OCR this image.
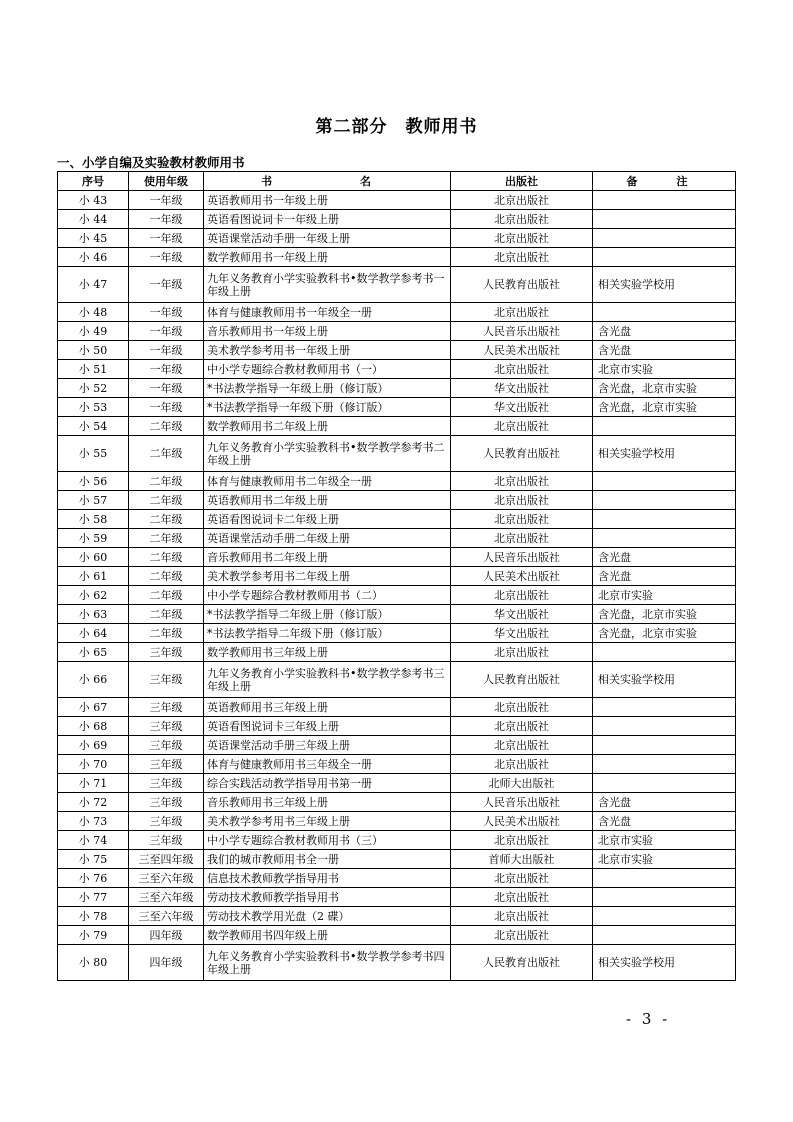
第二部分　教师用书
一、小学自编及实验教材教师用书
序号	使用年级	书　　名	出版社	备　注
小 43	一年级	英语教师用书一年级上册	北京出版社	
小 44	一年级	英语看图说词卡一年级上册	北京出版社	
小 45	一年级	英语课堂活动手册一年级上册	北京出版社	
小 46	一年级	数学教师用书一年级上册	北京出版社	
小 47	一年级	九年义务教育小学实验教科书•数学教学参考书一年级上册	人民教育出版社	相关实验学校用
小 48	一年级	体育与健康教师用书一年级全一册	北京出版社	
小 49	一年级	音乐教师用书一年级上册	人民音乐出版社	含光盘
小 50	一年级	美术教学参考用书一年级上册	人民美术出版社	含光盘
小 51	一年级	中小学专题综合教材教师用书（一）	北京出版社	北京市实验
小 52	一年级	*书法教学指导一年级上册（修订版）	华文出版社	含光盘，北京市实验
小 53	一年级	*书法教学指导一年级下册（修订版）	华文出版社	含光盘，北京市实验
小 54	二年级	数学教师用书二年级上册	北京出版社	
小 55	二年级	九年义务教育小学实验教科书•数学教学参考书二年级上册	人民教育出版社	相关实验学校用
小 56	二年级	体育与健康教师用书二年级全一册	北京出版社	
小 57	二年级	英语教师用书二年级上册	北京出版社	
小 58	二年级	英语看图说词卡二年级上册	北京出版社	
小 59	二年级	英语课堂活动手册二年级上册	北京出版社	
小 60	二年级	音乐教师用书二年级上册	人民音乐出版社	含光盘
小 61	二年级	美术教学参考用书二年级上册	人民美术出版社	含光盘
小 62	二年级	中小学专题综合教材教师用书（二）	北京出版社	北京市实验
小 63	二年级	*书法教学指导二年级上册（修订版）	华文出版社	含光盘，北京市实验
小 64	二年级	*书法教学指导二年级下册（修订版）	华文出版社	含光盘，北京市实验
小 65	三年级	数学教师用书三年级上册	北京出版社	
小 66	三年级	九年义务教育小学实验教科书•数学教学参考书三年级上册	人民教育出版社	相关实验学校用
小 67	三年级	英语教师用书三年级上册	北京出版社	
小 68	三年级	英语看图说词卡三年级上册	北京出版社	
小 69	三年级	英语课堂活动手册三年级上册	北京出版社	
小 70	三年级	体育与健康教师用书三年级全一册	北京出版社	
小 71	三年级	综合实践活动教学指导用书第一册	北师大出版社	
小 72	三年级	音乐教师用书三年级上册	人民音乐出版社	含光盘
小 73	三年级	美术教学参考用书三年级上册	人民美术出版社	含光盘
小 74	三年级	中小学专题综合教材教师用书（三）	北京出版社	北京市实验
小 75	三至四年级	我们的城市教师用书全一册	首师大出版社	北京市实验
小 76	三至六年级	信息技术教师教学指导用书	北京出版社	
小 77	三至六年级	劳动技术教师教学指导用书	北京出版社	
小 78	三至六年级	劳动技术教学用光盘（2 碟）	北京出版社	
小 79	四年级	数学教师用书四年级上册	北京出版社	
小 80	四年级	九年义务教育小学实验教科书•数学教学参考书四年级上册	人民教育出版社	相关实验学校用
- 3 -
